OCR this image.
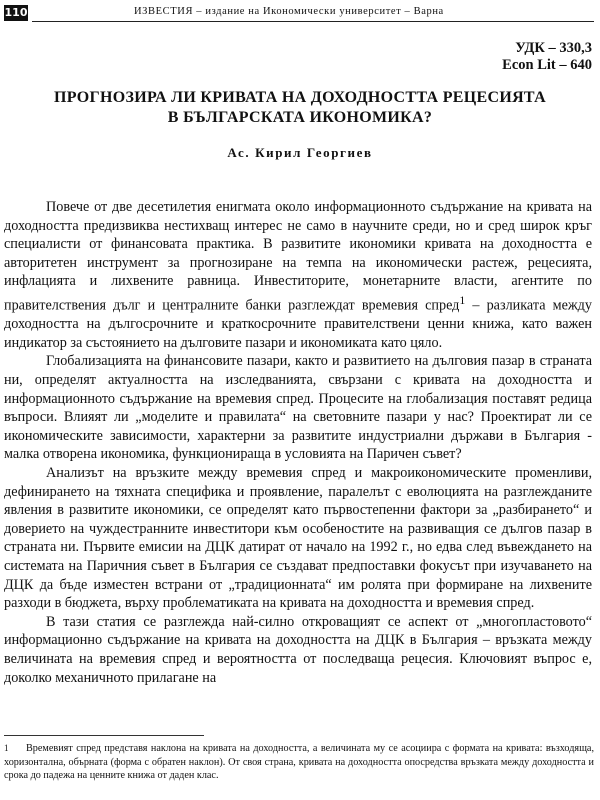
110	ИЗВЕСТИЯ – издание на Икономически университет – Варна
УДК – 330,3
Econ Lit – 640
ПРОГНОЗИРА ЛИ КРИВАТА НА ДОХОДНОСТТА РЕЦЕСИЯТА
В БЪЛГАРСКАТА ИКОНОМИКА?
Ас. Кирил Георгиев

Повече от две десетилетия енигмата около информационното съдържание на кривата на доходността предизвиква нестихващ интерес не само в научните среди, но и сред широк кръг специалисти от финансовата практика. В развитите икономики кривата на доходността е авторитетен инструмент за прогнозиране на темпа на икономически растеж, рецесията, инфлацията и лихвените равница. Инвеститорите, монетарните власти, агентите по правителствения дълг и централните банки разглеждат времевия спред$^1$ – разликата между доходността на дългосрочните и краткосрочните правителствени ценни книжа, като важен индикатор за състоянието на дълговите пазари и икономиката като цяло.

Глобализацията на финансовите пазари, както и развитието на дълговия пазар в страната ни, определят актуалността на изследванията, свързани с кривата на доходността и информационното съдържание на времевия спред. Процесите на глобализация поставят редица въпроси. Влияят ли „моделите и правилата“ на световните пазари у нас? Проектират ли се икономическите зависимости, характерни за развитите индустриални държави в България - малка отворена икономика, функционираща в условията на Паричен съвет?

Анализът на връзките между времевия спред и макроикономическите променливи, дефинирането на тяхната специфика и проявление, паралелът с еволюцията на разглежданите явления в развитите икономики, се определят като първостепенни фактори за „разбирането“ и доверието на чуждестранните инвеститори към особеностите на развиващия се дългов пазар в страната ни. Първите емисии на ДЦК датират от начало на 1992 г., но едва след въвеждането на системата на Паричния съвет в България се създават предпоставки фокусът при изучаването на ДЦК да бъде изместен встрани от „традиционната“ им ролята при формиране на лихвените разходи в бюджета, върху проблематиката на кривата на доходността и времевия спред.

В тази статия се разглежда най-силно откроващият се аспект от „многопластовото“ информационно съдържание на кривата на доходността на ДЦК в България – връзката между величината на времевия спред и вероятността от последваща рецесия. Ключовият въпрос е, доколко механичното прилагане на

1 Времевият спред представя наклона на кривата на доходността, а величината му се асоциира с формата на кривата: възходяща, хоризонтална, обърната (форма с обратен наклон). От своя страна, кривата на доходността опосредства връзката между доходността и срока до падежа на ценните книжа от даден клас.
